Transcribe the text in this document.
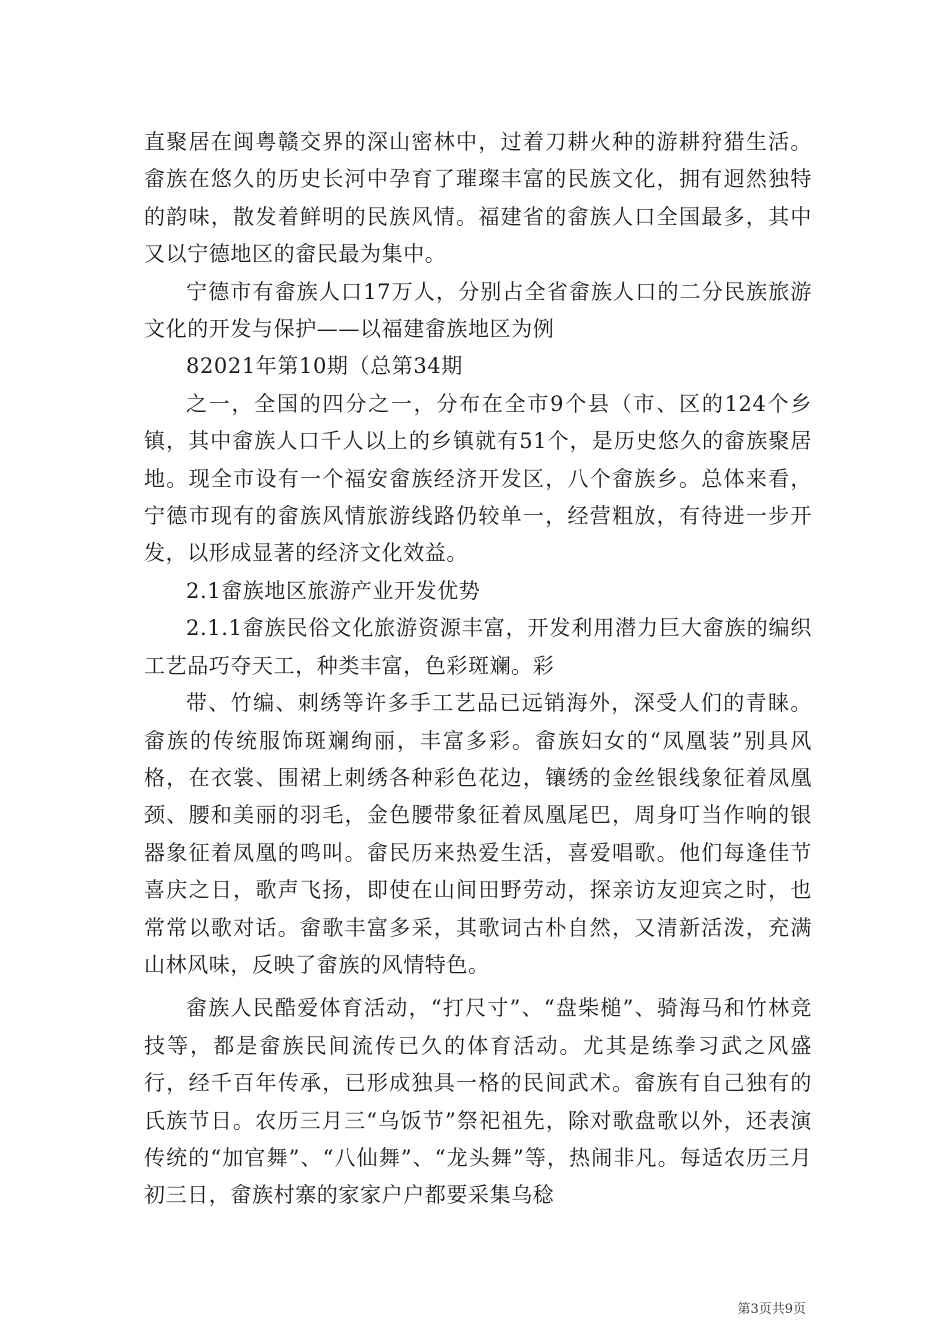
直聚居在闽粤赣交界的深山密林中，过着刀耕火种的游耕狩猎生活。畲族在悠久的历史长河中孕育了璀璨丰富的民族文化，拥有迥然独特的韵味，散发着鲜明的民族风情。福建省的畲族人口全国最多，其中又以宁德地区的畲民最为集中。

宁德市有畲族人口17万人，分别占全省畲族人口的二分民族旅游文化的开发与保护——以福建畲族地区为例

82021年第10期（总第34期

之一，全国的四分之一，分布在全市9个县（市、区的124个乡镇，其中畲族人口千人以上的乡镇就有51个，是历史悠久的畲族聚居地。现全市设有一个福安畲族经济开发区，八个畲族乡。总体来看，宁德市现有的畲族风情旅游线路仍较单一，经营粗放，有待进一步开发，以形成显著的经济文化效益。

2.1畲族地区旅游产业开发优势

2.1.1畲族民俗文化旅游资源丰富，开发利用潜力巨大畲族的编织工艺品巧夺天工，种类丰富，色彩斑斓。彩

带、竹编、刺绣等许多手工艺品已远销海外，深受人们的青睐。畲族的传统服饰斑斓绚丽，丰富多彩。畲族妇女的“凤凰装”别具风格，在衣裳、围裙上刺绣各种彩色花边，镶绣的金丝银线象征着凤凰颈、腰和美丽的羽毛，金色腰带象征着凤凰尾巴，周身叮当作响的银器象征着凤凰的鸣叫。畲民历来热爱生活，喜爱唱歌。他们每逢佳节喜庆之日，歌声飞扬，即使在山间田野劳动，探亲访友迎宾之时，也常常以歌对话。畲歌丰富多采，其歌词古朴自然，又清新活泼，充满山林风味，反映了畲族的风情特色。

畲族人民酷爱体育活动，“打尺寸”、“盘柴槌”、骑海马和竹林竞技等，都是畲族民间流传已久的体育活动。尤其是练拳习武之风盛行，经千百年传承，已形成独具一格的民间武术。畲族有自己独有的氏族节日。农历三月三“乌饭节”祭祀祖先，除对歌盘歌以外，还表演传统的“加官舞”、“八仙舞”、“龙头舞”等，热闹非凡。每适农历三月初三日，畲族村寨的家家户户都要采集乌稔

第3页共9页
